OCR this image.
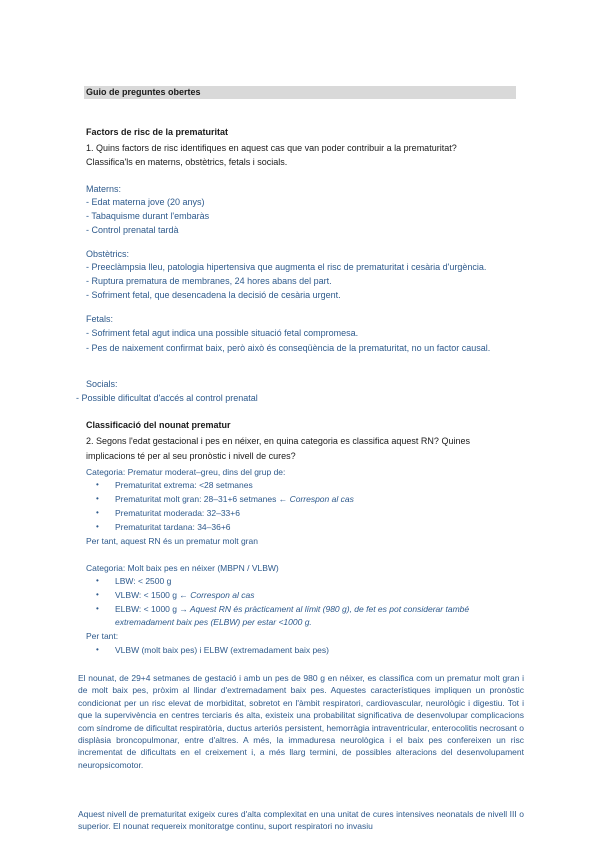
Guio de preguntes obertes
Factors de risc de la prematuritat
1. Quins factors de risc identifiques en aquest cas que van poder contribuir a la prematuritat?
Classifica'ls en materns, obstètrics, fetals i socials.
Materns:
- Edat materna jove (20 anys)
- Tabaquisme durant l'embaràs
- Control prenatal tardà
Obstètrics:
- Preeclàmpsia lleu, patologia hipertensiva que augmenta el risc de prematuritat i cesària d'urgència.
- Ruptura prematura de membranes, 24 hores abans del part.
- Sofriment fetal, que desencadena la decisió de cesària urgent.
Fetals:
- Sofriment fetal agut indica una possible situació fetal compromesa.
- Pes de naixement confirmat baix, però això és conseqüència de la prematuritat, no un factor causal.
Socials:
- Possible dificultat d'accés al control prenatal
Classificació del nounat prematur
2. Segons l'edat gestacional i pes en néixer, en quina categoria es classifica aquest RN? Quines
implicacions té per al seu pronòstic i nivell de cures?
Categoria: Prematur moderat–greu, dins del grup de:
• Prematuritat extrema: <28 setmanes
• Prematuritat molt gran: 28–31+6 setmanes ← Correspon al cas
• Prematuritat moderada: 32–33+6
• Prematuritat tardana: 34–36+6
Per tant, aquest RN és un prematur molt gran
Categoria: Molt baix pes en néixer (MBPN / VLBW)
• LBW: < 2500 g
• VLBW: < 1500 g ← Correspon al cas
• ELBW: < 1000 g → Aquest RN és pràcticament al límit (980 g), de fet es pot considerar també
extremadament baix pes (ELBW) per estar <1000 g.
Per tant:
• VLBW (molt baix pes) i ELBW (extremadament baix pes)
El nounat, de 29+4 setmanes de gestació i amb un pes de 980 g en néixer, es classifica com un prematur molt gran i de molt baix pes, pròxim al llindar d'extremadament baix pes. Aquestes característiques impliquen un pronòstic condicionat per un risc elevat de morbiditat, sobretot en l'àmbit respiratori, cardiovascular, neurològic i digestiu. Tot i que la supervivència en centres terciaris és alta, existeix una probabilitat significativa de desenvolupar complicacions com síndrome de dificultat respiratòria, ductus arteriós persistent, hemorràgia intraventricular, enterocolitis necrosant o displàsia broncopulmonar, entre d'altres. A més, la immaduresa neurològica i el baix pes confereixen un risc incrementat de dificultats en el creixement i, a més llarg termini, de possibles alteracions del desenvolupament neuropsicomotor.
Aquest nivell de prematuritat exigeix cures d'alta complexitat en una unitat de cures intensives neonatals de nivell III o superior. El nounat requereix monitoratge continu, suport respiratori no invasiu
